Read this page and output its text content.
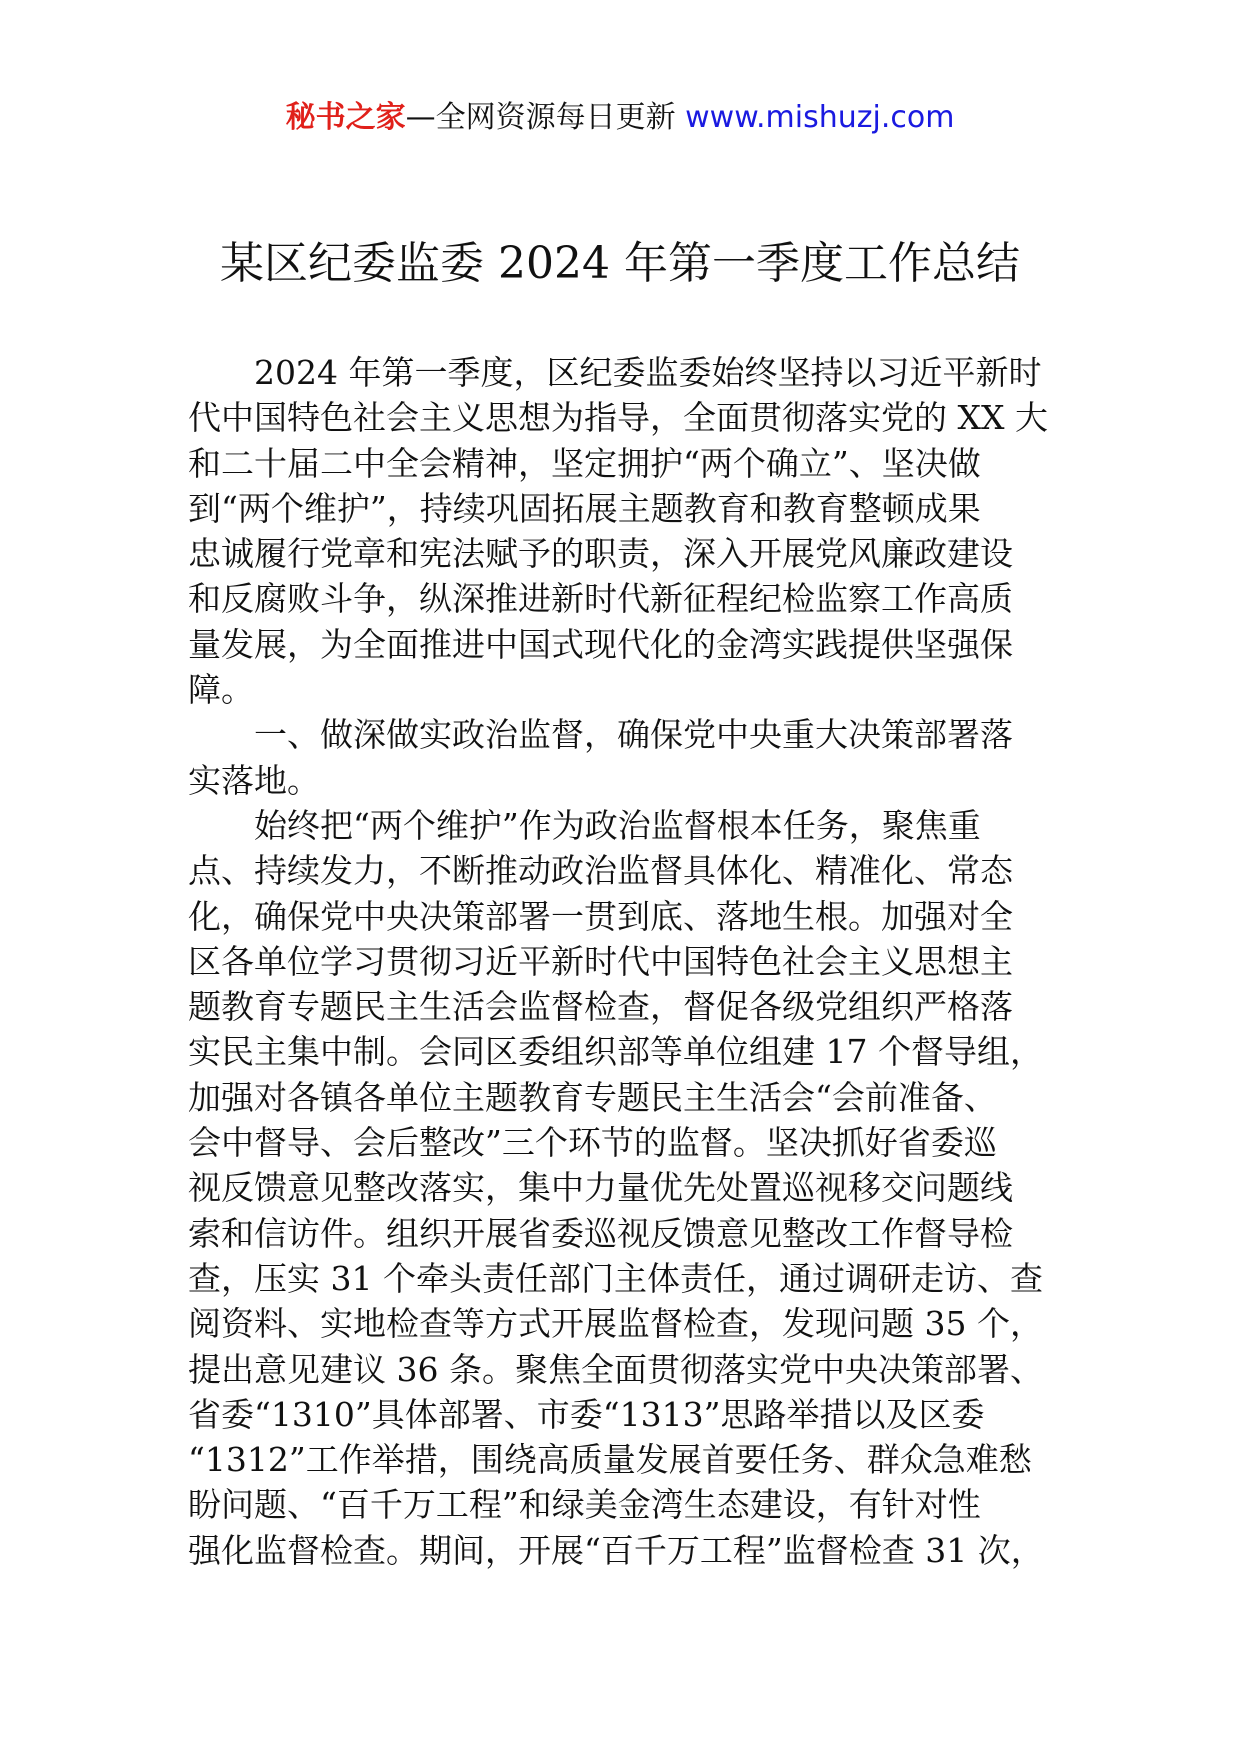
秘书之家—全网资源每日更新 www.mishuzj.com
某区纪委监委 2024 年第一季度工作总结
2024 年第一季度，区纪委监委始终坚持以习近平新时
代中国特色社会主义思想为指导，全面贯彻落实党的 XX 大
和二十届二中全会精神，坚定拥护“两个确立”、坚决做
到“两个维护”，持续巩固拓展主题教育和教育整顿成果
忠诚履行党章和宪法赋予的职责，深入开展党风廉政建设
和反腐败斗争，纵深推进新时代新征程纪检监察工作高质
量发展，为全面推进中国式现代化的金湾实践提供坚强保
障。
一、做深做实政治监督，确保党中央重大决策部署落
实落地。
始终把“两个维护”作为政治监督根本任务，聚焦重
点、持续发力，不断推动政治监督具体化、精准化、常态
化，确保党中央决策部署一贯到底、落地生根。加强对全
区各单位学习贯彻习近平新时代中国特色社会主义思想主
题教育专题民主生活会监督检查，督促各级党组织严格落
实民主集中制。会同区委组织部等单位组建 17 个督导组，
加强对各镇各单位主题教育专题民主生活会“会前准备、
会中督导、会后整改”三个环节的监督。坚决抓好省委巡
视反馈意见整改落实，集中力量优先处置巡视移交问题线
索和信访件。组织开展省委巡视反馈意见整改工作督导检
查，压实 31 个牵头责任部门主体责任，通过调研走访、查
阅资料、实地检查等方式开展监督检查，发现问题 35 个，
提出意见建议 36 条。聚焦全面贯彻落实党中央决策部署、
省委“1310”具体部署、市委“1313”思路举措以及区委
“1312”工作举措，围绕高质量发展首要任务、群众急难愁
盼问题、“百千万工程”和绿美金湾生态建设，有针对性
强化监督检查。期间，开展“百千万工程”监督检查 31 次，
